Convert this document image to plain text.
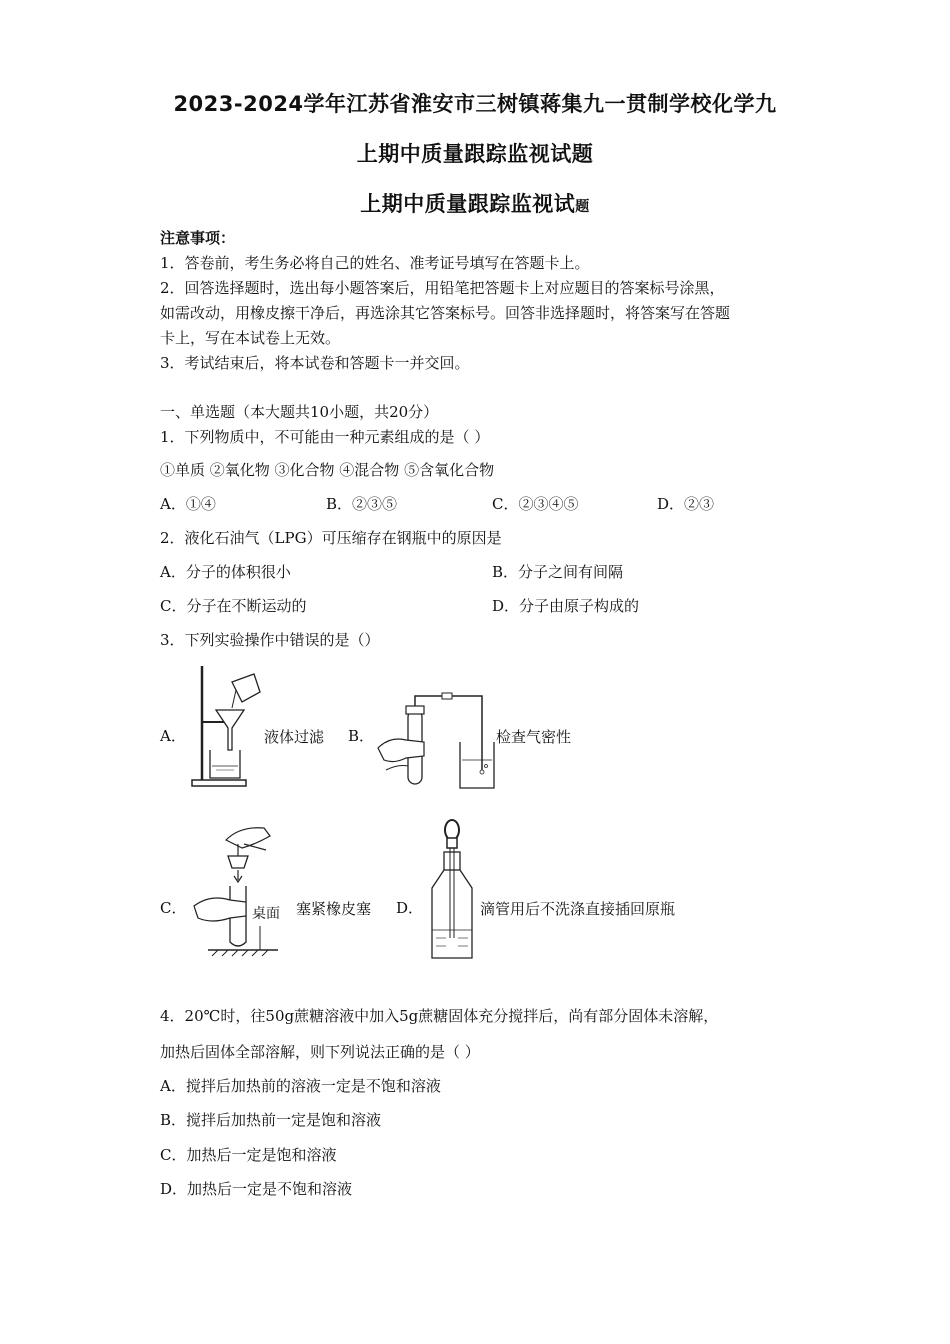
2023-2024学年江苏省淮安市三树镇蒋集九一贯制学校化学九
上期中质量跟踪监视试题
上期中质量跟踪监视试题
注意事项：
1．答卷前，考生务必将自己的姓名、准考证号填写在答题卡上。
2．回答选择题时，选出每小题答案后，用铅笔把答题卡上对应题目的答案标号涂黑，
如需改动，用橡皮擦干净后，再选涂其它答案标号。回答非选择题时，将答案写在答题
卡上，写在本试卷上无效。
3．考试结束后，将本试卷和答题卡一并交回。
一、单选题（本大题共10小题，共20分）
1．下列物质中，不可能由一种元素组成的是（ ）
①单质 ②氧化物 ③化合物 ④混合物 ⑤含氧化合物
A．①④	B．②③⑤	C．②③④⑤	D．②③
2．液化石油气（LPG）可压缩存在钢瓶中的原因是
A．分子的体积很小	B．分子之间有间隔
C．分子在不断运动的	D．分子由原子构成的
3．下列实验操作中错误的是（）
A．	液体过滤 B．	检查气密性
C．	桌面 塞紧橡皮塞 D．	滴管用后不洗涤直接插回原瓶
4．20℃时，往50g蔗糖溶液中加入5g蔗糖固体充分搅拌后，尚有部分固体未溶解，
加热后固体全部溶解，则下列说法正确的是（ ）
A．搅拌后加热前的溶液一定是不饱和溶液
B．搅拌后加热前一定是饱和溶液
C．加热后一定是饱和溶液
D．加热后一定是不饱和溶液
